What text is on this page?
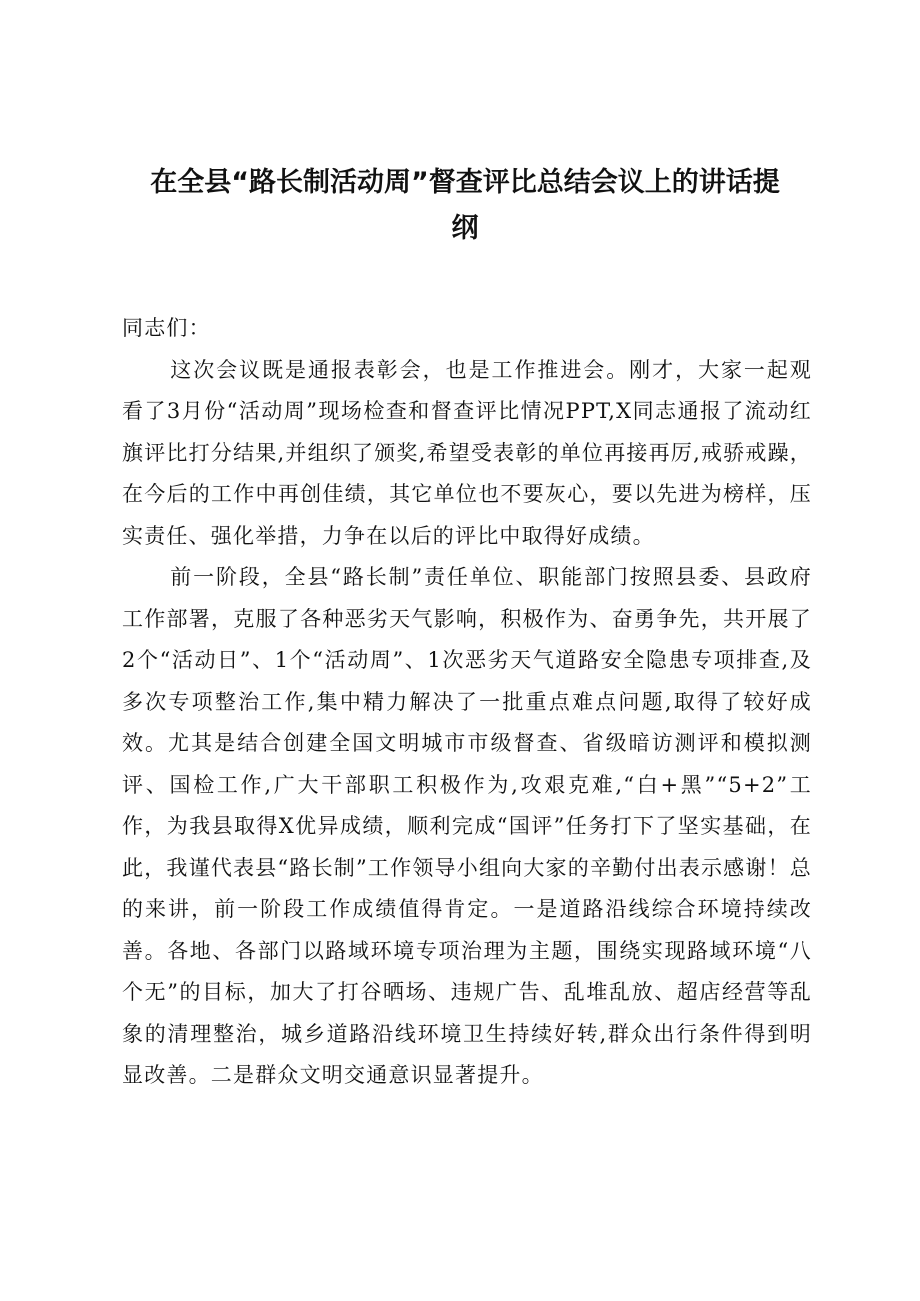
在全县“路长制活动周”督查评比总结会议上的讲话提
纲

同志们：

这次会议既是通报表彰会，也是工作推进会。刚才，大家一起观看了3月份“活动周”现场检查和督查评比情况PPT,X同志通报了流动红旗评比打分结果,并组织了颁奖,希望受表彰的单位再接再厉,戒骄戒躁，在今后的工作中再创佳绩，其它单位也不要灰心，要以先进为榜样，压实责任、强化举措，力争在以后的评比中取得好成绩。

前一阶段，全县“路长制”责任单位、职能部门按照县委、县政府工作部署，克服了各种恶劣天气影响，积极作为、奋勇争先，共开展了2个“活动日”、1个“活动周”、1次恶劣天气道路安全隐患专项排查,及多次专项整治工作,集中精力解决了一批重点难点问题,取得了较好成效。尤其是结合创建全国文明城市市级督查、省级暗访测评和模拟测评、国检工作,广大干部职工积极作为,攻艰克难,“白+黑”“5+2”工作，为我县取得X优异成绩，顺利完成“国评”任务打下了坚实基础，在此，我谨代表县“路长制”工作领导小组向大家的辛勤付出表示感谢！总的来讲，前一阶段工作成绩值得肯定。一是道路沿线综合环境持续改善。各地、各部门以路域环境专项治理为主题，围绕实现路域环境“八个无”的目标，加大了打谷晒场、违规广告、乱堆乱放、超店经营等乱象的清理整治，城乡道路沿线环境卫生持续好转,群众出行条件得到明显改善。二是群众文明交通意识显著提升。
